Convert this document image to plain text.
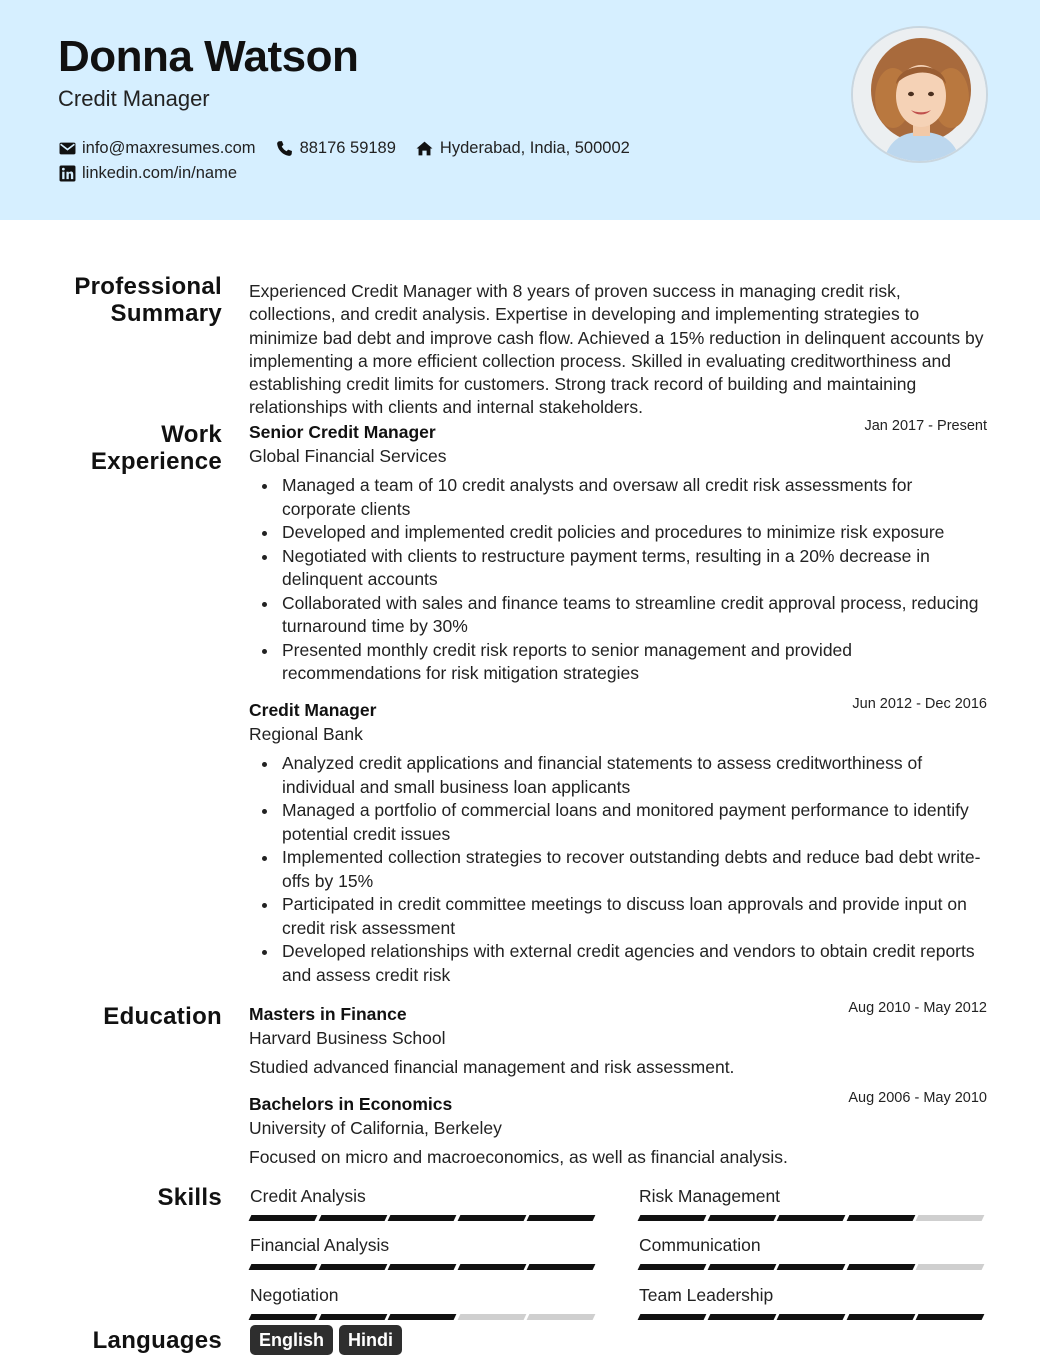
Donna Watson
Credit Manager
info@maxresumes.com	88176 59189	Hyderabad, India, 500002
linkedin.com/in/name
Professional
Summary
Experienced Credit Manager with 8 years of proven success in managing credit risk, collections, and credit analysis. Expertise in developing and implementing strategies to minimize bad debt and improve cash flow. Achieved a 15% reduction in delinquent accounts by implementing a more efficient collection process. Skilled in evaluating creditworthiness and establishing credit limits for customers. Strong track record of building and maintaining relationships with clients and internal stakeholders.
Work
Experience
Senior Credit Manager	Jan 2017 - Present
Global Financial Services
Managed a team of 10 credit analysts and oversaw all credit risk assessments for corporate clients
Developed and implemented credit policies and procedures to minimize risk exposure
Negotiated with clients to restructure payment terms, resulting in a 20% decrease in delinquent accounts
Collaborated with sales and finance teams to streamline credit approval process, reducing turnaround time by 30%
Presented monthly credit risk reports to senior management and provided recommendations for risk mitigation strategies
Credit Manager	Jun 2012 - Dec 2016
Regional Bank
Analyzed credit applications and financial statements to assess creditworthiness of individual and small business loan applicants
Managed a portfolio of commercial loans and monitored payment performance to identify potential credit issues
Implemented collection strategies to recover outstanding debts and reduce bad debt write-offs by 15%
Participated in credit committee meetings to discuss loan approvals and provide input on credit risk assessment
Developed relationships with external credit agencies and vendors to obtain credit reports and assess credit risk
Education Masters in Finance	Aug 2010 - May 2012
Harvard Business School
Studied advanced financial management and risk assessment.
Bachelors in Economics	Aug 2006 - May 2010
University of California, Berkeley
Focused on micro and macroeconomics, as well as financial analysis.
Skills Credit Analysis	Risk Management
Financial Analysis	Communication
Negotiation	Team Leadership
Languages	English	Hindi
